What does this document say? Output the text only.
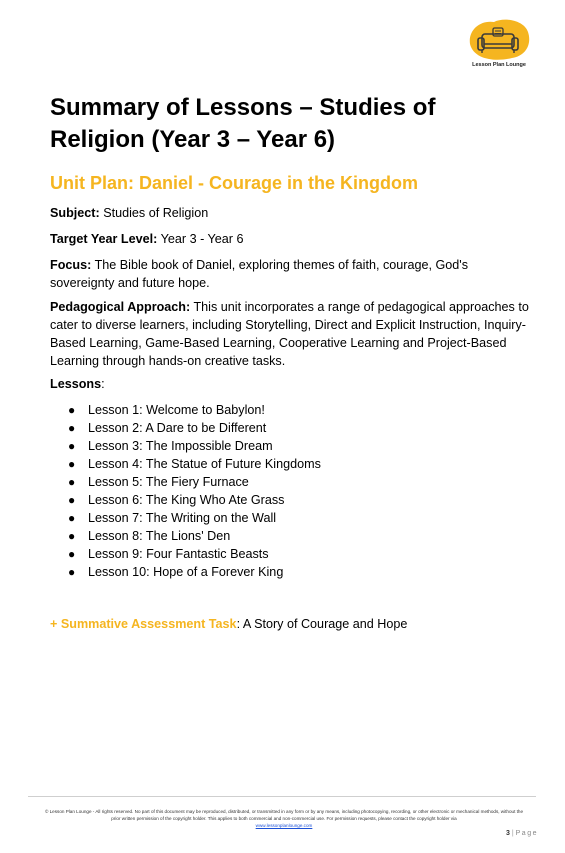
Lesson Plan Lounge
Summary of Lessons – Studies of Religion (Year 3 – Year 6)
Unit Plan: Daniel - Courage in the Kingdom

Subject: Studies of Religion

Target Year Level: Year 3 - Year 6

Focus: The Bible book of Daniel, exploring themes of faith, courage, God's sovereignty and future hope.

Pedagogical Approach: This unit incorporates a range of pedagogical approaches to cater to diverse learners, including Storytelling, Direct and Explicit Instruction, Inquiry-Based Learning, Game-Based Learning, Cooperative Learning and Project-Based Learning through hands-on creative tasks.

Lessons:

● Lesson 1: Welcome to Babylon!
● Lesson 2: A Dare to be Different
● Lesson 3: The Impossible Dream
● Lesson 4: The Statue of Future Kingdoms
● Lesson 5: The Fiery Furnace
● Lesson 6: The King Who Ate Grass
● Lesson 7: The Writing on the Wall
● Lesson 8: The Lions' Den
● Lesson 9: Four Fantastic Beasts
● Lesson 10: Hope of a Forever King
+ Summative Assessment Task: A Story of Courage and Hope
© Lesson Plan Lounge - All rights reserved. No part of this document may be reproduced, distributed, or transmitted in any form or by any means, including photocopying, recording, or other electronic or mechanical methods, without the prior written permission of the copyright holder. This applies to both commercial and non-commercial use. For permission requests, please contact the copyright holder via
www.lessonplanlounge.com
3 | Page
